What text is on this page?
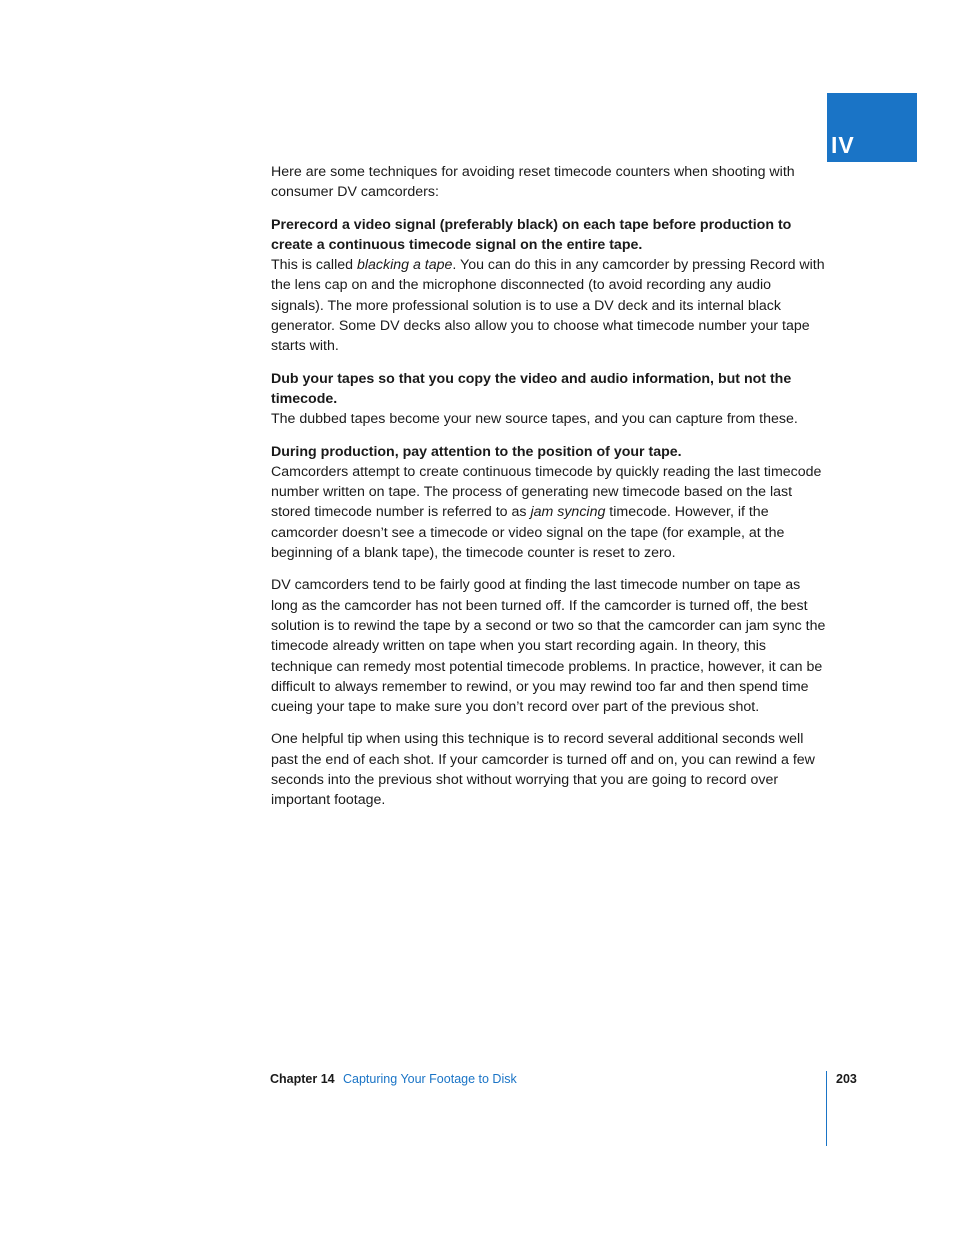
IV

Here are some techniques for avoiding reset timecode counters when shooting with consumer DV camcorders:

Prerecord a video signal (preferably black) on each tape before production to create a continuous timecode signal on the entire tape.

This is called blacking a tape. You can do this in any camcorder by pressing Record with the lens cap on and the microphone disconnected (to avoid recording any audio signals). The more professional solution is to use a DV deck and its internal black generator. Some DV decks also allow you to choose what timecode number your tape starts with.

Dub your tapes so that you copy the video and audio information, but not the timecode.

The dubbed tapes become your new source tapes, and you can capture from these.

During production, pay attention to the position of your tape.

Camcorders attempt to create continuous timecode by quickly reading the last timecode number written on tape. The process of generating new timecode based on the last stored timecode number is referred to as jam syncing timecode. However, if the camcorder doesn’t see a timecode or video signal on the tape (for example, at the beginning of a blank tape), the timecode counter is reset to zero.

DV camcorders tend to be fairly good at finding the last timecode number on tape as long as the camcorder has not been turned off. If the camcorder is turned off, the best solution is to rewind the tape by a second or two so that the camcorder can jam sync the timecode already written on tape when you start recording again. In theory, this technique can remedy most potential timecode problems. In practice, however, it can be difficult to always remember to rewind, or you may rewind too far and then spend time cueing your tape to make sure you don’t record over part of the previous shot.

One helpful tip when using this technique is to record several additional seconds well past the end of each shot. If your camcorder is turned off and on, you can rewind a few seconds into the previous shot without worrying that you are going to record over important footage.

Chapter 14 Capturing Your Footage to Disk	203
